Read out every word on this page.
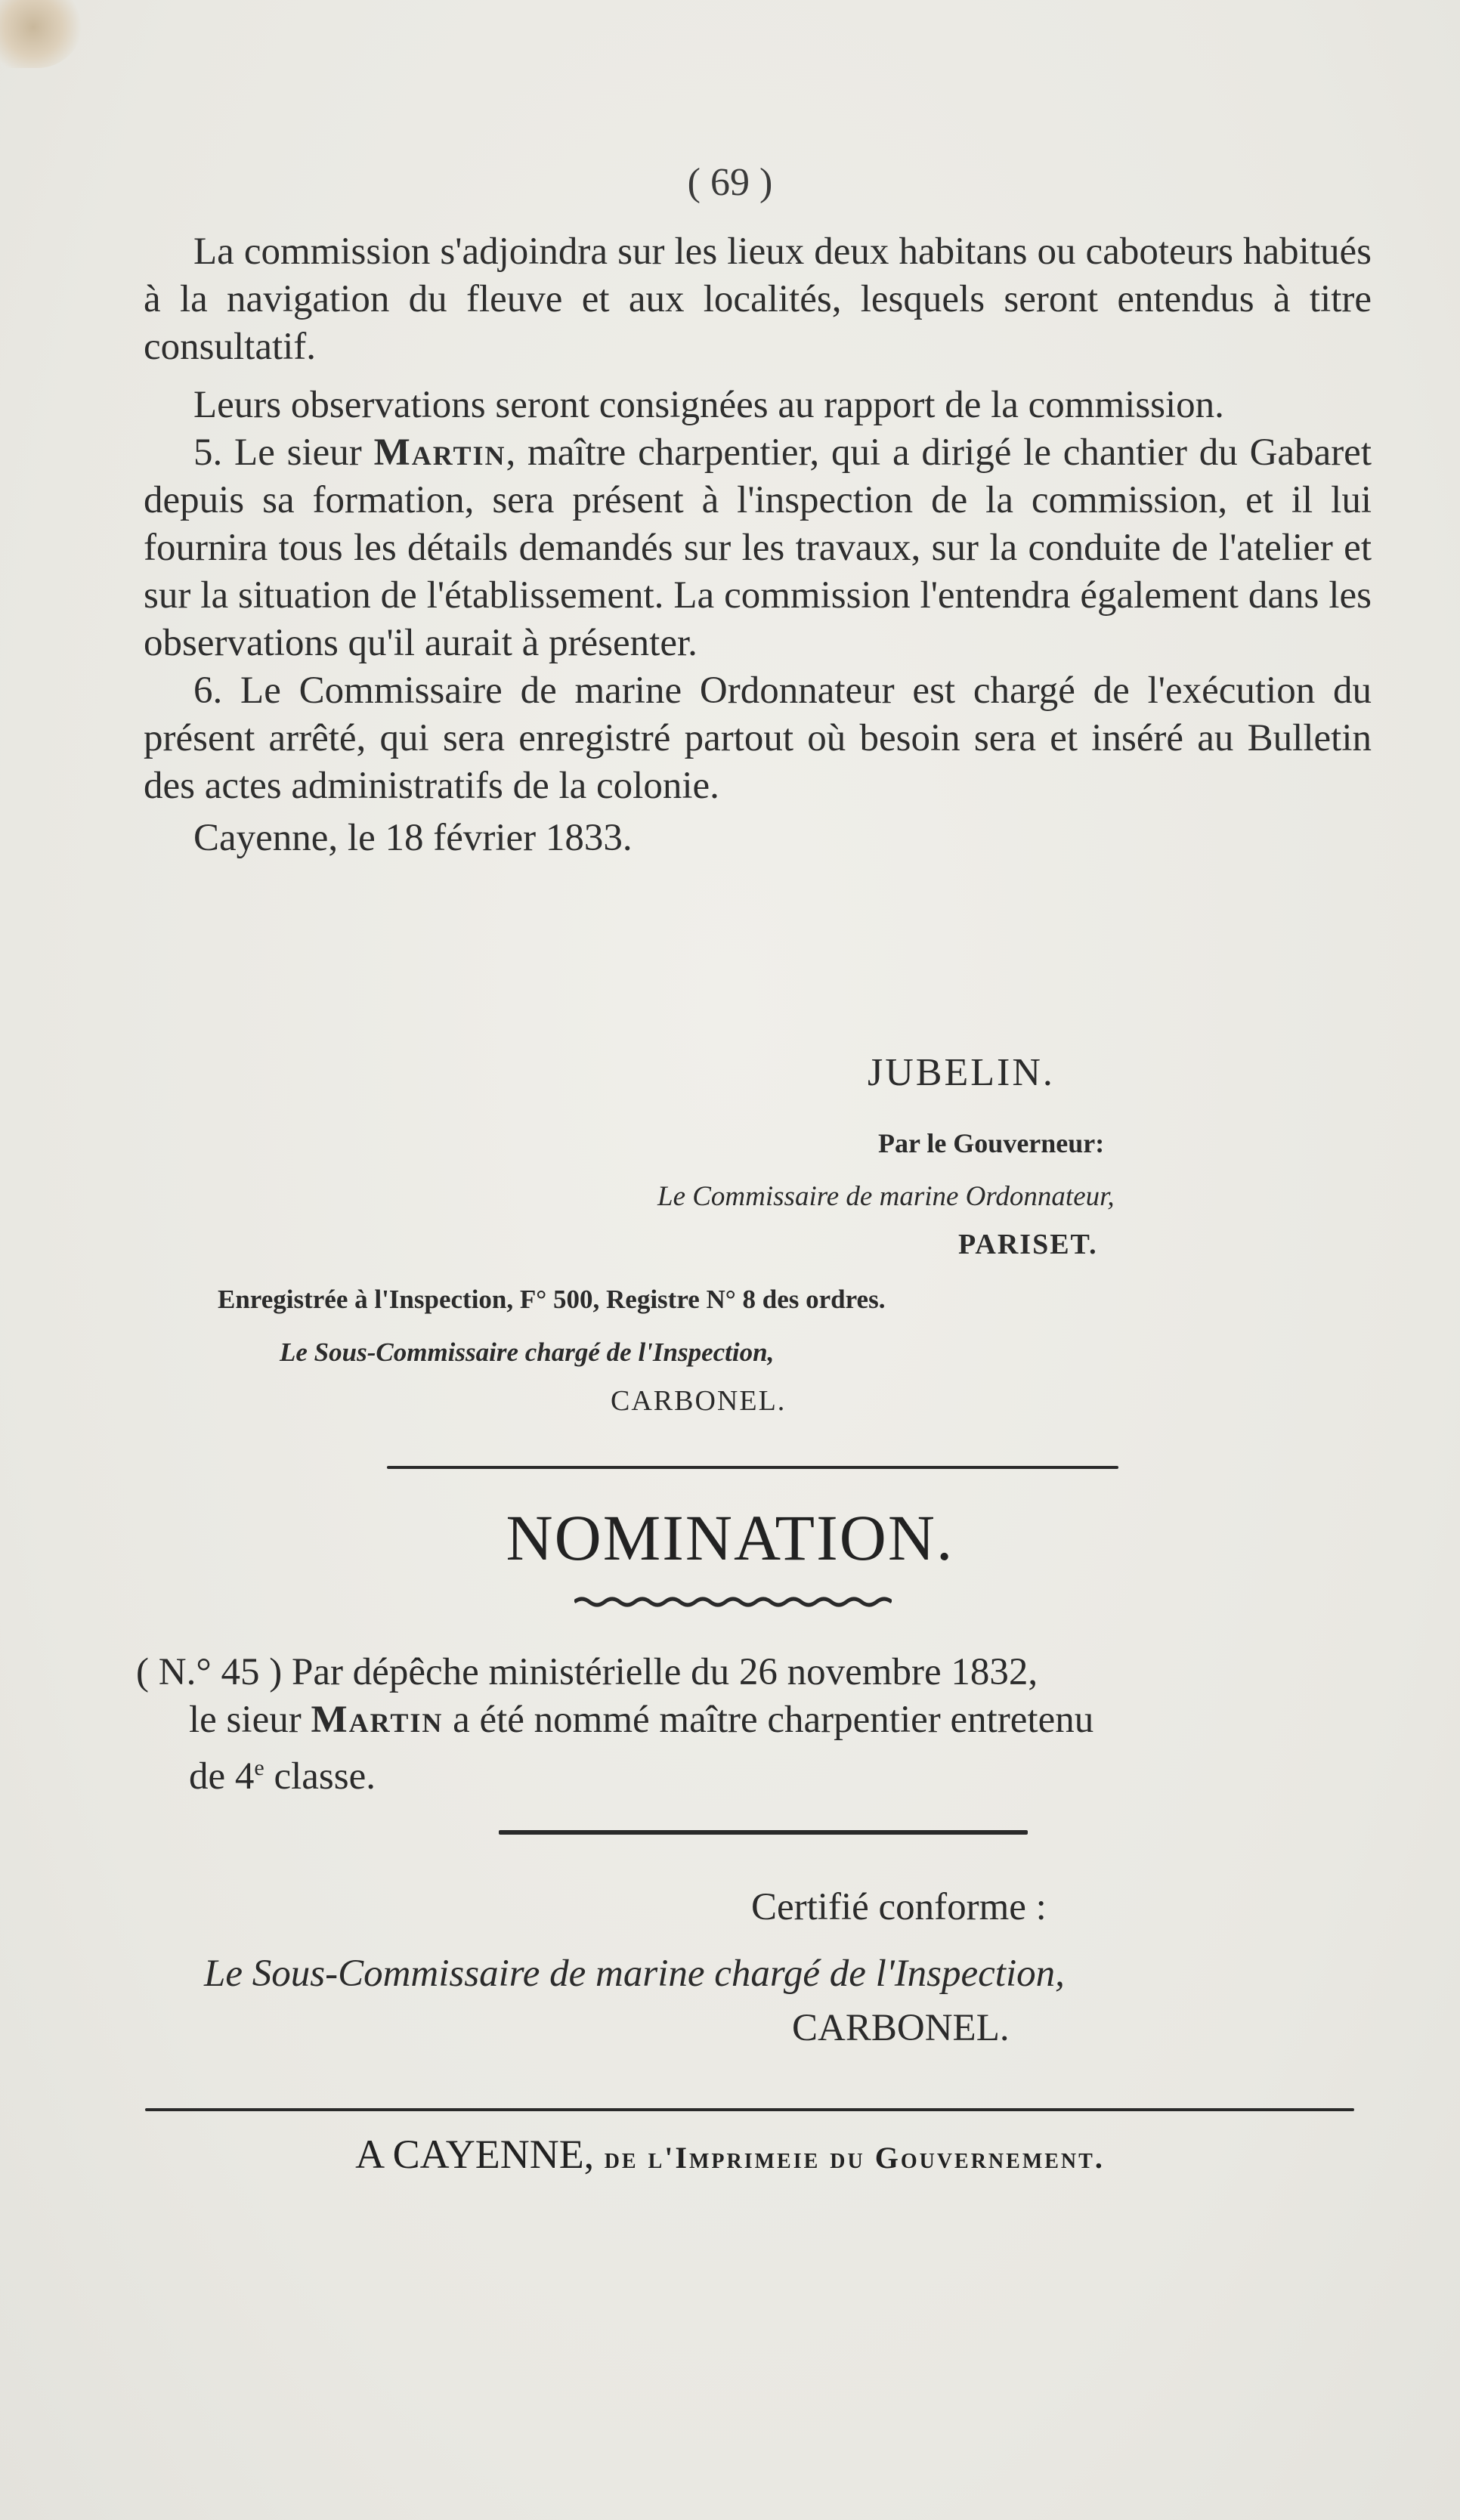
( 69 )

La commission s'adjoindra sur les lieux deux habitans ou caboteurs habitués à la navigation du fleuve et aux localités, lesquels seront entendus à titre consultatif.

Leurs observations seront consignées au rapport de la commission.

5. Le sieur Martin, maître charpentier, qui a dirigé le chantier du Gabaret depuis sa formation, sera présent à l'inspection de la commission, et il lui fournira tous les détails demandés sur les travaux, sur la conduite de l'atelier et sur la situation de l'établissement. La commission l'entendra également dans les observations qu'il aurait à présenter.

6. Le Commissaire de marine Ordonnateur est chargé de l'exécution du présent arrêté, qui sera enregistré partout où besoin sera et inséré au Bulletin des actes administratifs de la colonie.

Cayenne, le 18 février 1833.

JUBELIN.
Par le Gouverneur:
Le Commissaire de marine Ordonnateur,
PARISET.
Enregistrée à l'Inspection, F° 500, Registre N° 8 des ordres.
Le Sous-Commissaire chargé de l'Inspection,
CARBONEL.
NOMINATION.
( N.° 45 ) Par dépêche ministérielle du 26 novembre 1832,
le sieur Martin a été nommé maître charpentier entretenu
de 4e classe.
Certifié conforme :
Le Sous-Commissaire de marine chargé de l'Inspection,
CARBONEL.
A CAYENNE, de l'Imprimeie du Gouvernement.
